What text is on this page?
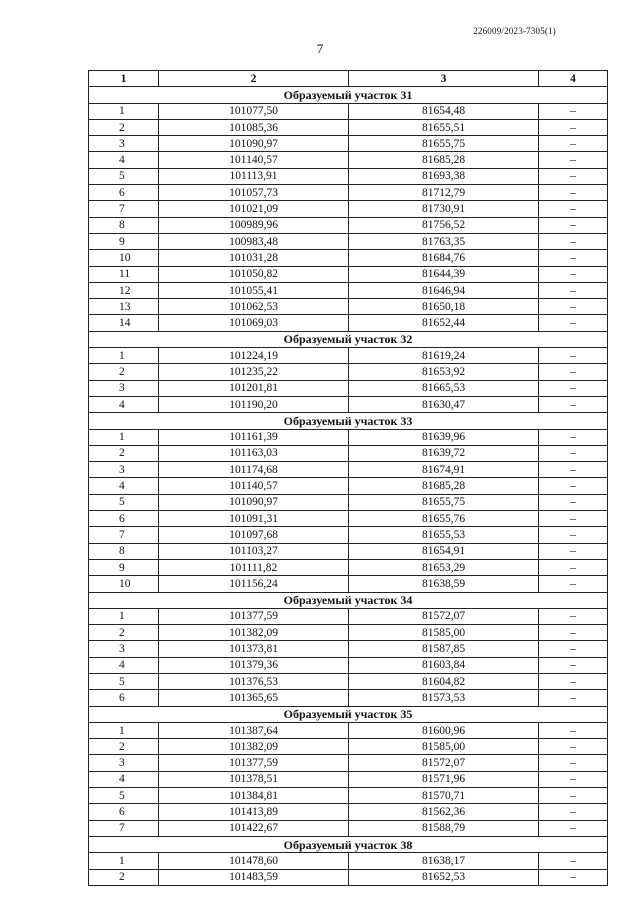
226009/2023-7305(1)
7
1	2	3	4
Образуемый участок 31			
1	101077,50	81654,48	–
2	101085,36	81655,51	–
3	101090,97	81655,75	–
4	101140,57	81685,28	–
5	101113,91	81693,38	–
6	101057,73	81712,79	–
7	101021,09	81730,91	–
8	100989,96	81756,52	–
9	100983,48	81763,35	–
10	101031,28	81684,76	–
11	101050,82	81644,39	–
12	101055,41	81646,94	–
13	101062,53	81650,18	–
14	101069,03	81652,44	–
Образуемый участок 32			
1	101224,19	81619,24	–
2	101235,22	81653,92	–
3	101201,81	81665,53	–
4	101190,20	81630,47	–
Образуемый участок 33			
1	101161,39	81639,96	–
2	101163,03	81639,72	–
3	101174,68	81674,91	–
4	101140,57	81685,28	–
5	101090,97	81655,75	–
6	101091,31	81655,76	–
7	101097,68	81655,53	–
8	101103,27	81654,91	–
9	101111,82	81653,29	–
10	101156,24	81638,59	–
Образуемый участок 34			
1	101377,59	81572,07	–
2	101382,09	81585,00	–
3	101373,81	81587,85	–
4	101379,36	81603,84	–
5	101376,53	81604,82	–
6	101365,65	81573,53	–
Образуемый участок 35			
1	101387,64	81600,96	–
2	101382,09	81585,00	–
3	101377,59	81572,07	–
4	101378,51	81571,96	–
5	101384,81	81570,71	–
6	101413,89	81562,36	–
7	101422,67	81588,79	–
Образуемый участок 38			
1	101478,60	81638,17	–
2	101483,59	81652,53	–
